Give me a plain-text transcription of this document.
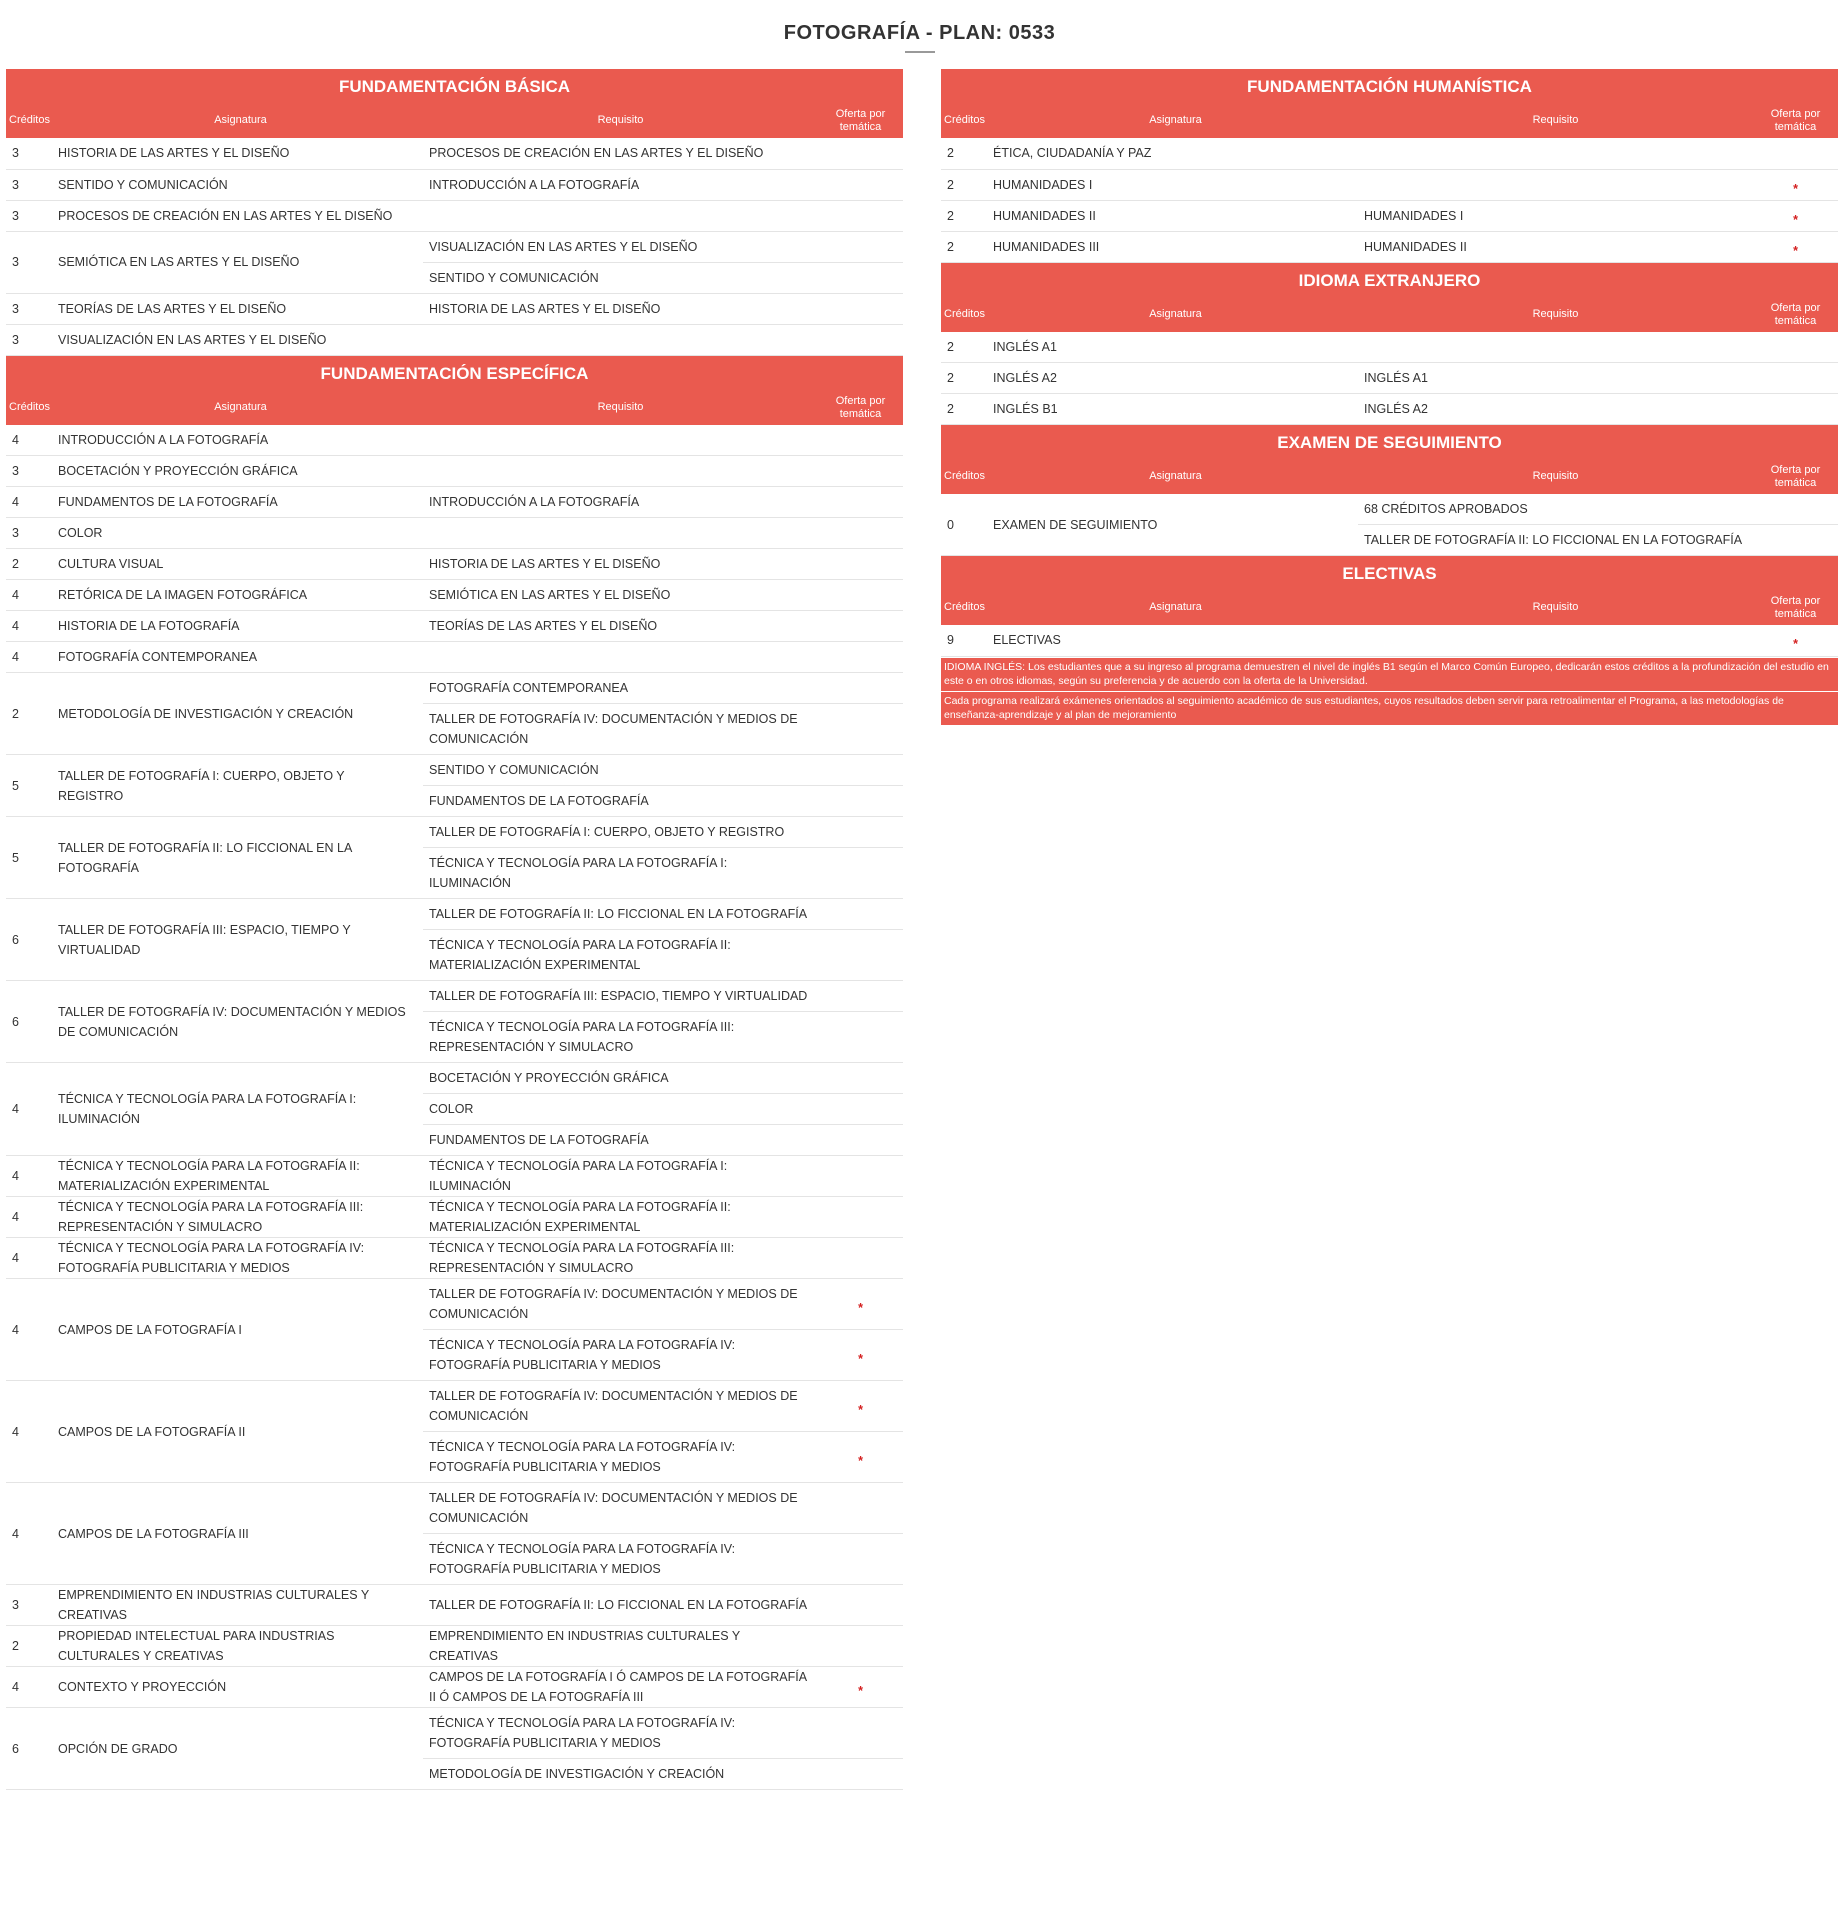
FOTOGRAFÍA - PLAN: 0533
FUNDAMENTACIÓN BÁSICA
Créditos	Asignatura	Requisito	Oferta por
temática
3	HISTORIA DE LAS ARTES Y EL DISEÑO	PROCESOS DE CREACIÓN EN LAS ARTES Y EL DISEÑO	
3	SENTIDO Y COMUNICACIÓN	INTRODUCCIÓN A LA FOTOGRAFÍA	
3	PROCESOS DE CREACIÓN EN LAS ARTES Y EL DISEÑO		
3	SEMIÓTICA EN LAS ARTES Y EL DISEÑO	VISUALIZACIÓN EN LAS ARTES Y EL DISEÑO	
		SENTIDO Y COMUNICACIÓN	
3	TEORÍAS DE LAS ARTES Y EL DISEÑO	HISTORIA DE LAS ARTES Y EL DISEÑO	
3	VISUALIZACIÓN EN LAS ARTES Y EL DISEÑO		
FUNDAMENTACIÓN ESPECÍFICA
Créditos	Asignatura	Requisito	Oferta por
temática
4	INTRODUCCIÓN A LA FOTOGRAFÍA		
3	BOCETACIÓN Y PROYECCIÓN GRÁFICA		
4	FUNDAMENTOS DE LA FOTOGRAFÍA	INTRODUCCIÓN A LA FOTOGRAFÍA	
3	COLOR		
2	CULTURA VISUAL	HISTORIA DE LAS ARTES Y EL DISEÑO	
4	RETÓRICA DE LA IMAGEN FOTOGRÁFICA	SEMIÓTICA EN LAS ARTES Y EL DISEÑO	
4	HISTORIA DE LA FOTOGRAFÍA	TEORÍAS DE LAS ARTES Y EL DISEÑO	
4	FOTOGRAFÍA CONTEMPORANEA		
2	METODOLOGÍA DE INVESTIGACIÓN Y CREACIÓN	FOTOGRAFÍA CONTEMPORANEA	
		TALLER DE FOTOGRAFÍA IV: DOCUMENTACIÓN Y MEDIOS DE COMUNICACIÓN	
5	TALLER DE FOTOGRAFÍA I: CUERPO, OBJETO Y REGISTRO	SENTIDO Y COMUNICACIÓN	
		FUNDAMENTOS DE LA FOTOGRAFÍA	
5	TALLER DE FOTOGRAFÍA II: LO FICCIONAL EN LA FOTOGRAFÍA	TALLER DE FOTOGRAFÍA I: CUERPO, OBJETO Y REGISTRO	
		TÉCNICA Y TECNOLOGÍA PARA LA FOTOGRAFÍA I: ILUMINACIÓN	
6	TALLER DE FOTOGRAFÍA III: ESPACIO, TIEMPO Y VIRTUALIDAD	TALLER DE FOTOGRAFÍA II: LO FICCIONAL EN LA FOTOGRAFÍA	
		TÉCNICA Y TECNOLOGÍA PARA LA FOTOGRAFÍA II: MATERIALIZACIÓN EXPERIMENTAL	
6	TALLER DE FOTOGRAFÍA IV: DOCUMENTACIÓN Y MEDIOS DE COMUNICACIÓN	TALLER DE FOTOGRAFÍA III: ESPACIO, TIEMPO Y VIRTUALIDAD	
		TÉCNICA Y TECNOLOGÍA PARA LA FOTOGRAFÍA III: REPRESENTACIÓN Y SIMULACRO	
4	TÉCNICA Y TECNOLOGÍA PARA LA FOTOGRAFÍA I: ILUMINACIÓN	BOCETACIÓN Y PROYECCIÓN GRÁFICA	
		COLOR	
		FUNDAMENTOS DE LA FOTOGRAFÍA	
4	TÉCNICA Y TECNOLOGÍA PARA LA FOTOGRAFÍA II: MATERIALIZACIÓN EXPERIMENTAL	TÉCNICA Y TECNOLOGÍA PARA LA FOTOGRAFÍA I: ILUMINACIÓN	
4	TÉCNICA Y TECNOLOGÍA PARA LA FOTOGRAFÍA III: REPRESENTACIÓN Y SIMULACRO	TÉCNICA Y TECNOLOGÍA PARA LA FOTOGRAFÍA II: MATERIALIZACIÓN EXPERIMENTAL	
4	TÉCNICA Y TECNOLOGÍA PARA LA FOTOGRAFÍA IV: FOTOGRAFÍA PUBLICITARIA Y MEDIOS	TÉCNICA Y TECNOLOGÍA PARA LA FOTOGRAFÍA III: REPRESENTACIÓN Y SIMULACRO	
4	CAMPOS DE LA FOTOGRAFÍA I	TALLER DE FOTOGRAFÍA IV: DOCUMENTACIÓN Y MEDIOS DE COMUNICACIÓN	*
		TÉCNICA Y TECNOLOGÍA PARA LA FOTOGRAFÍA IV: FOTOGRAFÍA PUBLICITARIA Y MEDIOS	*
4	CAMPOS DE LA FOTOGRAFÍA II	TALLER DE FOTOGRAFÍA IV: DOCUMENTACIÓN Y MEDIOS DE COMUNICACIÓN	*
		TÉCNICA Y TECNOLOGÍA PARA LA FOTOGRAFÍA IV: FOTOGRAFÍA PUBLICITARIA Y MEDIOS	*
4	CAMPOS DE LA FOTOGRAFÍA III	TALLER DE FOTOGRAFÍA IV: DOCUMENTACIÓN Y MEDIOS DE COMUNICACIÓN	
		TÉCNICA Y TECNOLOGÍA PARA LA FOTOGRAFÍA IV: FOTOGRAFÍA PUBLICITARIA Y MEDIOS	
3	EMPRENDIMIENTO EN INDUSTRIAS CULTURALES Y CREATIVAS	TALLER DE FOTOGRAFÍA II: LO FICCIONAL EN LA FOTOGRAFÍA	
2	PROPIEDAD INTELECTUAL PARA INDUSTRIAS CULTURALES Y CREATIVAS	EMPRENDIMIENTO EN INDUSTRIAS CULTURALES Y CREATIVAS	
4	CONTEXTO Y PROYECCIÓN	CAMPOS DE LA FOTOGRAFÍA I Ó CAMPOS DE LA FOTOGRAFÍA II Ó CAMPOS DE LA FOTOGRAFÍA III	*
6	OPCIÓN DE GRADO	TÉCNICA Y TECNOLOGÍA PARA LA FOTOGRAFÍA IV: FOTOGRAFÍA PUBLICITARIA Y MEDIOS	
		METODOLOGÍA DE INVESTIGACIÓN Y CREACIÓN	
FUNDAMENTACIÓN HUMANÍSTICA
Créditos	Asignatura	Requisito	Oferta por
temática
2	ÉTICA, CIUDADANÍA Y PAZ		
2	HUMANIDADES I		*
2	HUMANIDADES II	HUMANIDADES I	*
2	HUMANIDADES III	HUMANIDADES II	*
IDIOMA EXTRANJERO
Créditos	Asignatura	Requisito	Oferta por
temática
2	INGLÉS A1		
2	INGLÉS A2	INGLÉS A1	
2	INGLÉS B1	INGLÉS A2	
EXAMEN DE SEGUIMIENTO
Créditos	Asignatura	Requisito	Oferta por
temática
0	EXAMEN DE SEGUIMIENTO	68 CRÉDITOS APROBADOS	
		TALLER DE FOTOGRAFÍA II: LO FICCIONAL EN LA FOTOGRAFÍA	
ELECTIVAS
Créditos	Asignatura	Requisito	Oferta por
temática
9	ELECTIVAS		*
IDIOMA INGLÉS: Los estudiantes que a su ingreso al programa demuestren el nivel de inglés B1 según el Marco Común Europeo, dedicarán estos créditos a la profundización del estudio en este o en otros idiomas, según su preferencia y de acuerdo con la oferta de la Universidad.
Cada programa realizará exámenes orientados al seguimiento académico de sus estudiantes, cuyos resultados deben servir para retroalimentar el Programa, a las metodologías de enseñanza-aprendizaje y al plan de mejoramiento
